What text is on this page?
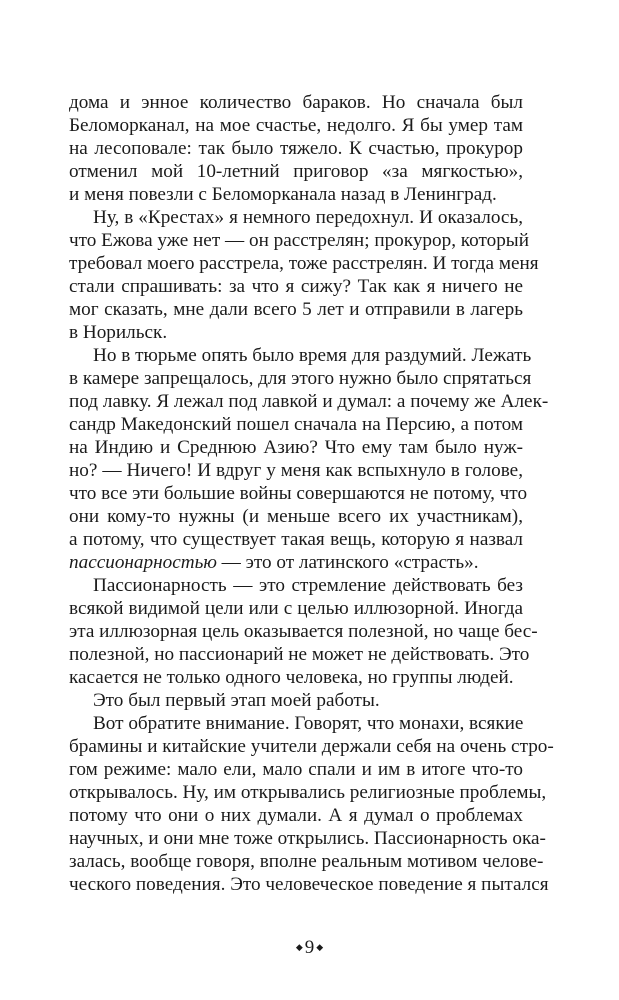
дома и энное количество бараков. Но сначала был
Беломорканал, на мое счастье, недолго. Я бы умер там
на лесоповале: так было тяжело. К счастью, прокурор
отменил мой 10-летний приговор «за мягкостью»,
и меня повезли с Беломорканала назад в Ленинград.
Ну, в «Крестах» я немного передохнул. И оказалось,
что Ежова уже нет — он расстрелян; прокурор, который
требовал моего расстрела, тоже расстрелян. И тогда меня
стали спрашивать: за что я сижу? Так как я ничего не
мог сказать, мне дали всего 5 лет и отправили в лагерь
в Норильск.
Но в тюрьме опять было время для раздумий. Лежать
в камере запрещалось, для этого нужно было спрятаться
под лавку. Я лежал под лавкой и думал: а почему же Алек-
сандр Македонский пошел сначала на Персию, а потом
на Индию и Среднюю Азию? Что ему там было нуж-
но? — Ничего! И вдруг у меня как вспыхнуло в голове,
что все эти большие войны совершаются не потому, что
они кому-то нужны (и меньше всего их участникам),
а потому, что существует такая вещь, которую я назвал
пассионарностью — это от латинского «страсть».
Пассионарность — это стремление действовать без
всякой видимой цели или с целью иллюзорной. Иногда
эта иллюзорная цель оказывается полезной, но чаще бес-
полезной, но пассионарий не может не действовать. Это
касается не только одного человека, но группы людей.
Это был первый этап моей работы.
Вот обратите внимание. Говорят, что монахи, всякие
брамины и китайские учители держали себя на очень стро-
гом режиме: мало ели, мало спали и им в итоге что-то
открывалось. Ну, им открывались религиозные проблемы,
потому что они о них думали. А я думал о проблемах
научных, и они мне тоже открылись. Пассионарность ока-
залась, вообще говоря, вполне реальным мотивом челове-
ческого поведения. Это человеческое поведение я пытался
◆ 9 ◆
